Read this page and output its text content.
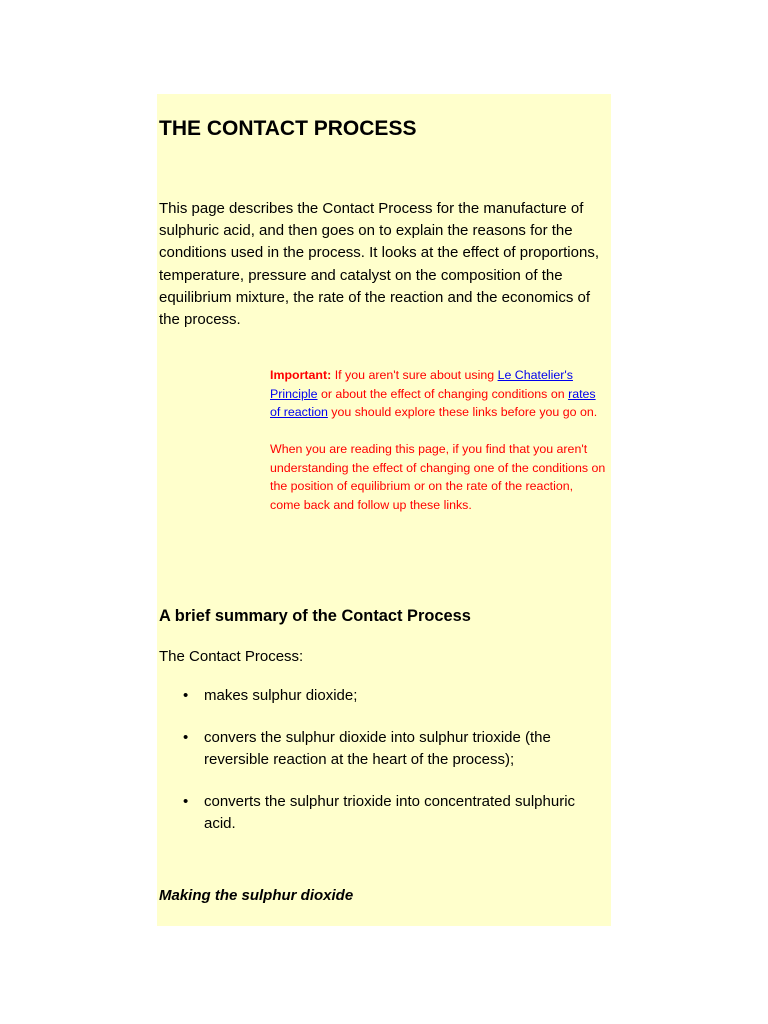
THE CONTACT PROCESS

This page describes the Contact Process for the manufacture of sulphuric acid, and then goes on to explain the reasons for the conditions used in the process. It looks at the effect of proportions, temperature, pressure and catalyst on the composition of the equilibrium mixture, the rate of the reaction and the economics of the process.

Important: If you aren't sure about using Le Chatelier's Principle or about the effect of changing conditions on rates of reaction you should explore these links before you go on.

When you are reading this page, if you find that you aren't understanding the effect of changing one of the conditions on the position of equilibrium or on the rate of the reaction, come back and follow up these links.

A brief summary of the Contact Process

The Contact Process:

• makes sulphur dioxide;
• convers the sulphur dioxide into sulphur trioxide (the reversible reaction at the heart of the process);
• converts the sulphur trioxide into concentrated sulphuric acid.
Making the sulphur dioxide
